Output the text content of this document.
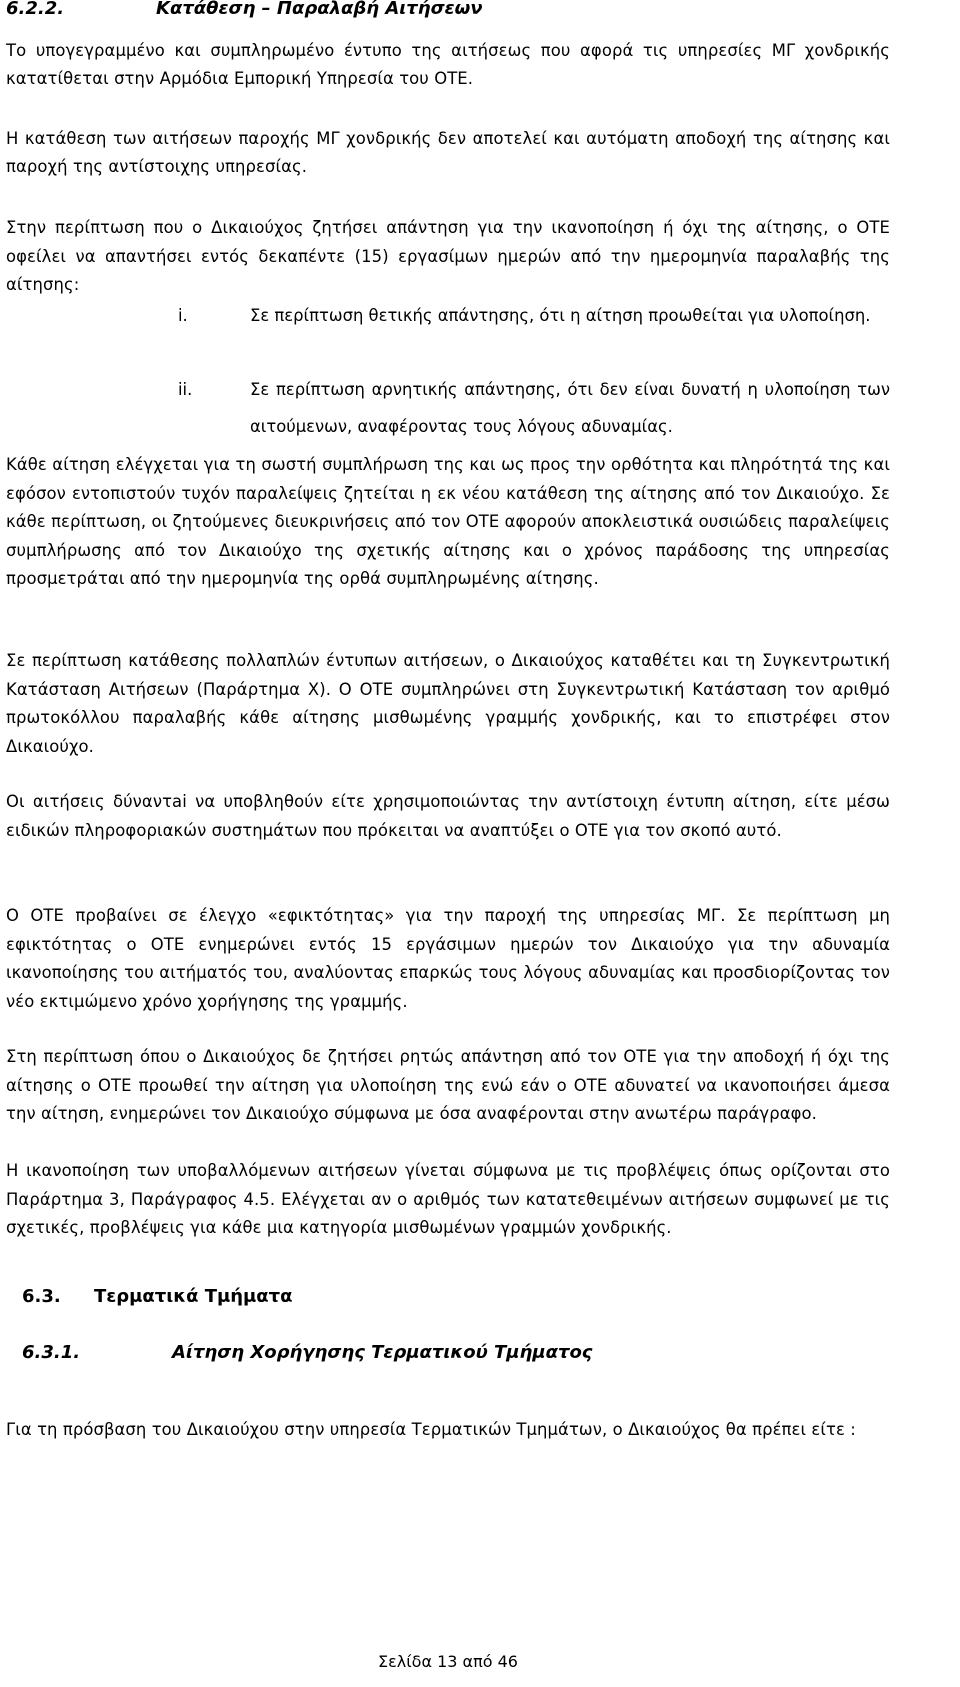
6.2.2.	Κατάθεση – Παραλαβή Αιτήσεων
Το υπογεγραμμένο και συμπληρωμένο έντυπο της αιτήσεως που αφορά τις υπηρεσίες ΜΓ χονδρικής κατατίθεται στην Αρμόδια Εμπορική Υπηρεσία του ΟΤΕ.
Η κατάθεση των αιτήσεων παροχής ΜΓ χονδρικής δεν αποτελεί και αυτόματη αποδοχή της αίτησης και παροχή της αντίστοιχης υπηρεσίας.
Στην περίπτωση που ο Δικαιούχος ζητήσει απάντηση για την ικανοποίηση ή όχι της αίτησης, ο ΟΤΕ οφείλει να απαντήσει εντός δεκαπέντε (15) εργασίμων ημερών από την ημερομηνία παραλαβής της αίτησης:
i.	Σε περίπτωση θετικής απάντησης, ότι η αίτηση προωθείται για υλοποίηση.
ii.	Σε περίπτωση αρνητικής απάντησης, ότι δεν είναι δυνατή η υλοποίηση των αιτούμενων, αναφέροντας τους λόγους αδυναμίας.
Κάθε αίτηση ελέγχεται για τη σωστή συμπλήρωση της και ως προς την ορθότητα και πληρότητά της και εφόσον εντοπιστούν τυχόν παραλείψεις ζητείται η εκ νέου κατάθεση της αίτησης από τον Δικαιούχο. Σε κάθε περίπτωση, οι ζητούμενες διευκρινήσεις από τον ΟΤΕ αφορούν αποκλειστικά ουσιώδεις παραλείψεις συμπλήρωσης από τον Δικαιούχο της σχετικής αίτησης και ο χρόνος παράδοσης της υπηρεσίας προσμετράται από την ημερομηνία της ορθά συμπληρωμένης αίτησης.
Σε περίπτωση κατάθεσης πολλαπλών έντυπων αιτήσεων, ο Δικαιούχος καταθέτει και τη Συγκεντρωτική Κατάσταση Αιτήσεων (Παράρτημα Χ). Ο ΟΤΕ συμπληρώνει στη Συγκεντρωτική Κατάσταση τον αριθμό πρωτοκόλλου παραλαβής κάθε αίτησης μισθωμένης γραμμής χονδρικής, και το επιστρέφει στον Δικαιούχο.
Οι αιτήσεις δύναντai να υποβληθούν είτε χρησιμοποιώντας την αντίστοιχη έντυπη αίτηση, είτε μέσω ειδικών πληροφοριακών συστημάτων που πρόκειται να αναπτύξει ο ΟΤΕ για τον σκοπό αυτό.
Ο ΟΤΕ προβαίνει σε έλεγχο «εφικτότητας» για την παροχή της υπηρεσίας ΜΓ. Σε περίπτωση μη εφικτότητας ο ΟΤΕ ενημερώνει εντός 15 εργάσιμων ημερών τον Δικαιούχο για την αδυναμία ικανοποίησης του αιτήματός του, αναλύοντας επαρκώς τους λόγους αδυναμίας και προσδιορίζοντας τον νέο εκτιμώμενο χρόνο χορήγησης της γραμμής.
Στη περίπτωση όπου ο Δικαιούχος δε ζητήσει ρητώς απάντηση από τον ΟΤΕ για την αποδοχή ή όχι της αίτησης ο ΟΤΕ προωθεί την αίτηση για υλοποίηση της ενώ εάν ο ΟΤΕ αδυνατεί να ικανοποιήσει άμεσα την αίτηση, ενημερώνει τον Δικαιούχο σύμφωνα με όσα αναφέρονται στην ανωτέρω παράγραφο.
Η ικανοποίηση των υποβαλλόμενων αιτήσεων γίνεται σύμφωνα με τις προβλέψεις όπως ορίζονται στο Παράρτημα 3, Παράγραφος 4.5. Ελέγχεται αν ο αριθμός των κατατεθειμένων αιτήσεων συμφωνεί με τις σχετικές, προβλέψεις για κάθε μια κατηγορία μισθωμένων γραμμών χονδρικής.
6.3. Τερματικά Τμήματα
6.3.1.	Αίτηση Χορήγησης Τερματικού Τμήματος
Για τη πρόσβαση του Δικαιούχου στην υπηρεσία Τερματικών Τμημάτων, ο Δικαιούχος θα πρέπει είτε :
Σελίδα 13 από 46
